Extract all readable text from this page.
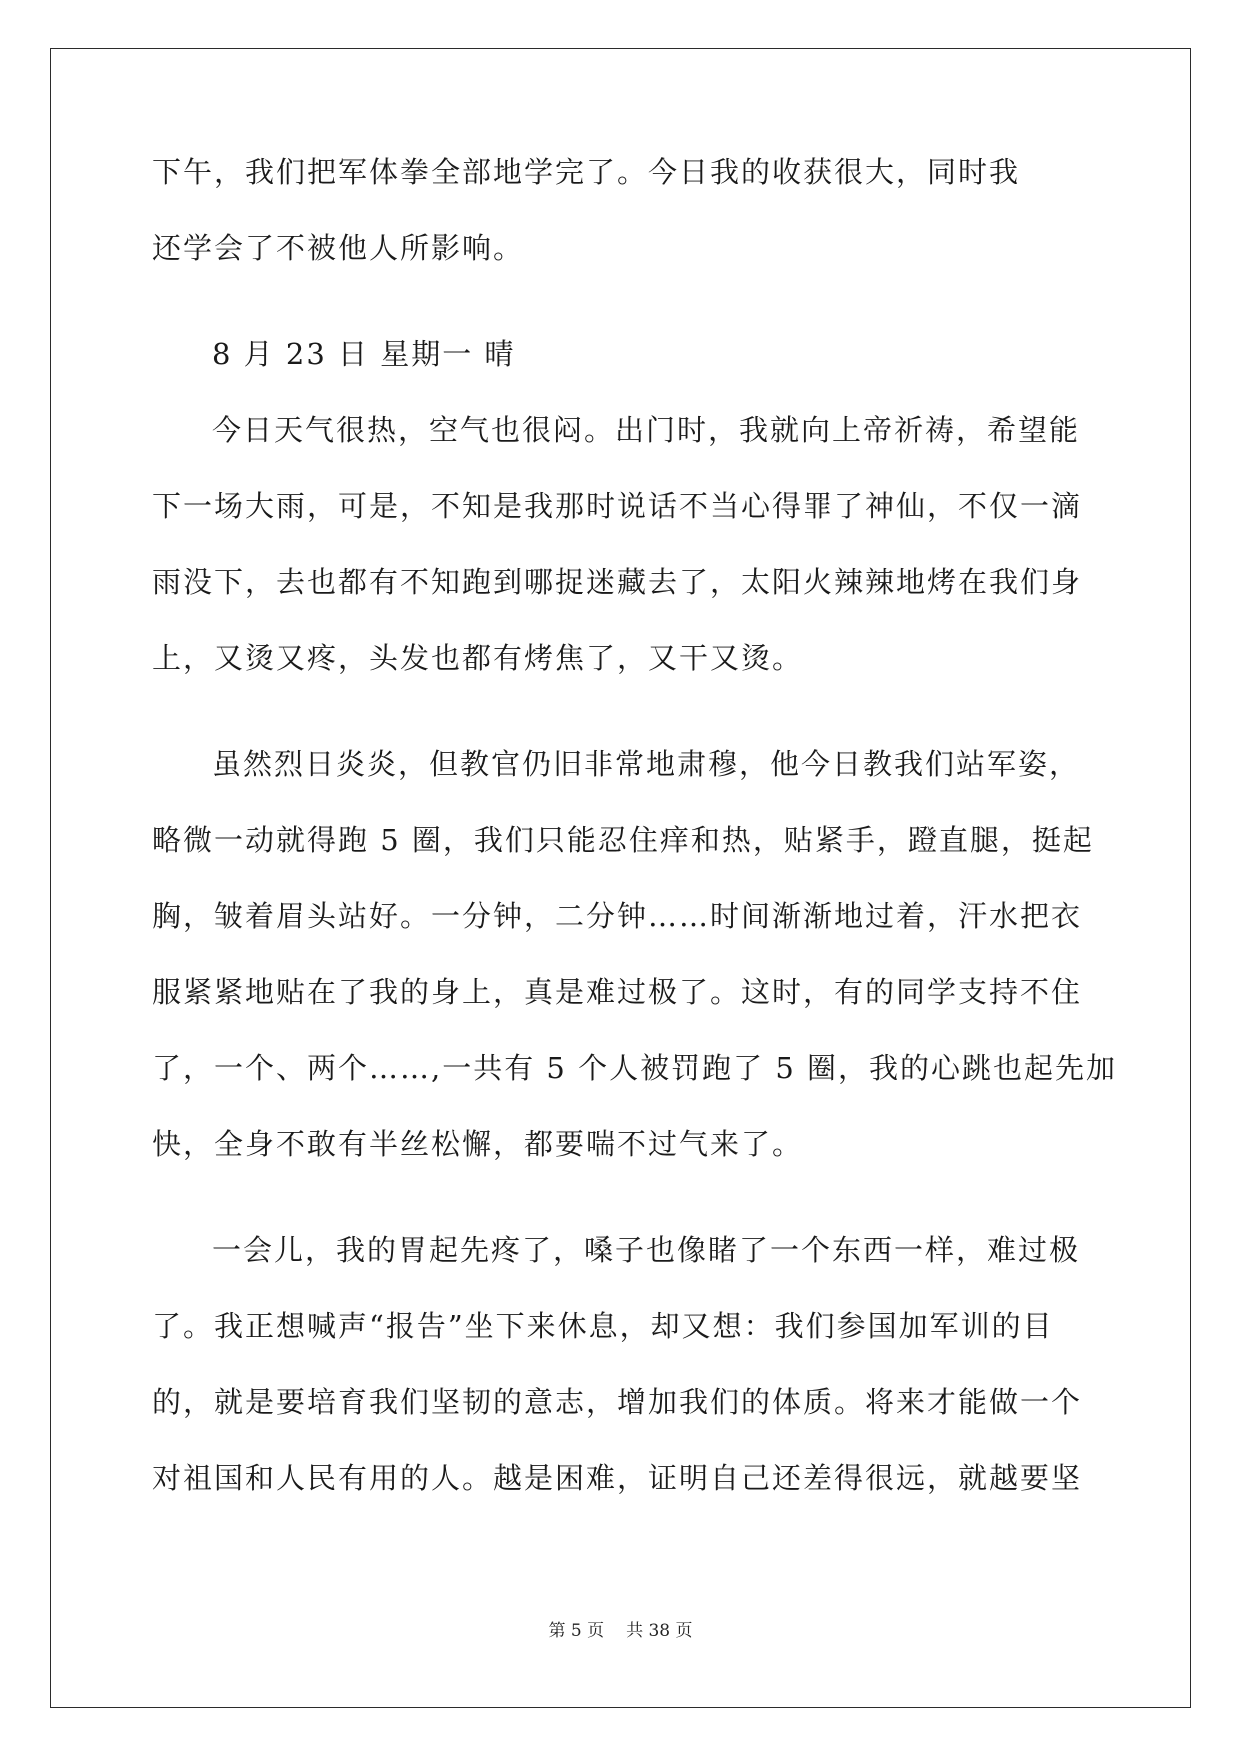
下午，我们把军体拳全部地学完了。今日我的收获很大，同时我
还学会了不被他人所影响。
8 月 23 日 星期一 晴
今日天气很热，空气也很闷。出门时，我就向上帝祈祷，希望能
下一场大雨，可是，不知是我那时说话不当心得罪了神仙，不仅一滴
雨没下，去也都有不知跑到哪捉迷藏去了，太阳火辣辣地烤在我们身
上，又烫又疼，头发也都有烤焦了，又干又烫。
虽然烈日炎炎，但教官仍旧非常地肃穆，他今日教我们站军姿，
略微一动就得跑 5 圈，我们只能忍住痒和热，贴紧手，蹬直腿，挺起
胸，皱着眉头站好。一分钟，二分钟……时间渐渐地过着，汗水把衣
服紧紧地贴在了我的身上，真是难过极了。这时，有的同学支持不住
了，一个、两个……,一共有 5 个人被罚跑了 5 圈，我的心跳也起先加
快，全身不敢有半丝松懈，都要喘不过气来了。
一会儿，我的胃起先疼了，嗓子也像睹了一个东西一样，难过极
了。我正想喊声“报告”坐下来休息，却又想：我们参国加军训的目
的，就是要培育我们坚韧的意志，增加我们的体质。将来才能做一个
对祖国和人民有用的人。越是困难，证明自己还差得很远，就越要坚
第 5 页 共 38 页
